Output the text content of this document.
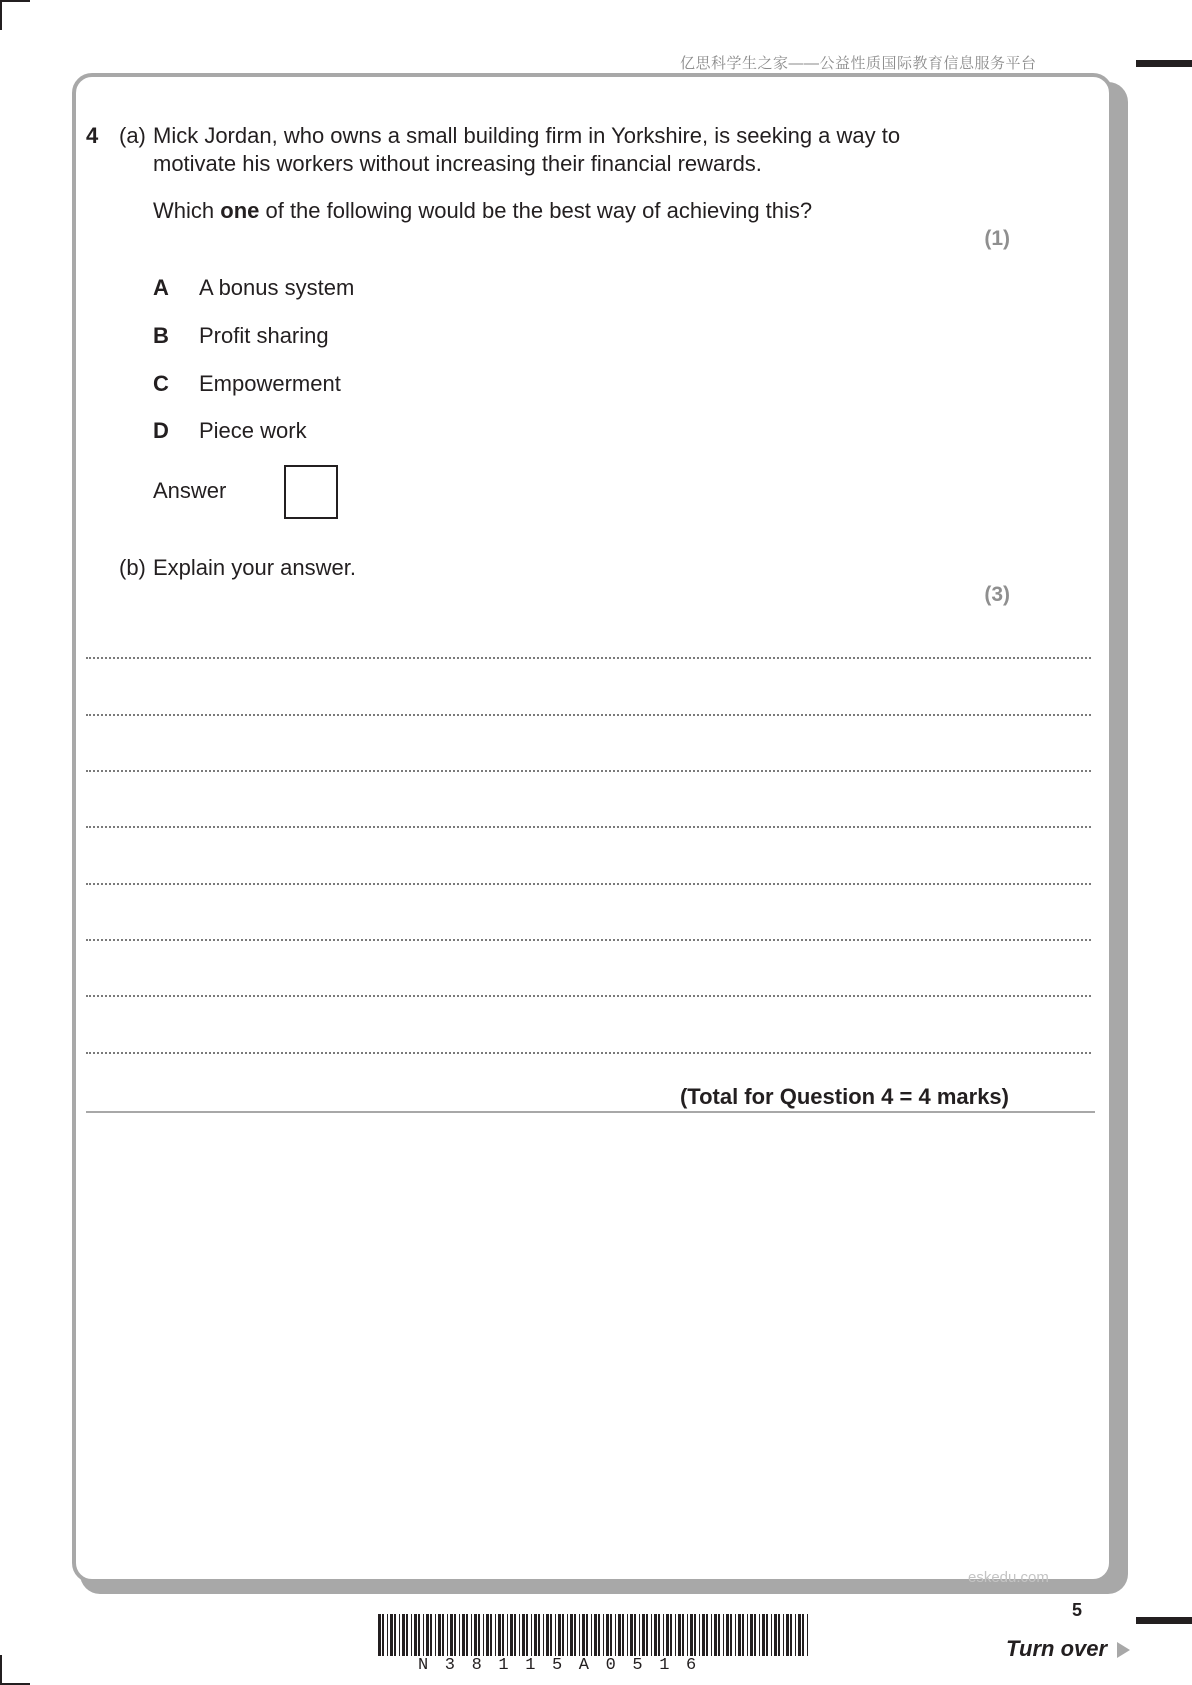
亿思科学生之家——公益性质国际教育信息服务平台
4 (a) Mick Jordan, who owns a small building firm in Yorkshire, is seeking a way to
motivate his workers without increasing their financial rewards.
Which one of the following would be the best way of achieving this?
(1)
A A bonus system
B Profit sharing
C Empowerment
D Piece work
Answer
(b) Explain your answer.
(3)
(Total for Question 4 = 4 marks)
eskedu.com
5
Turn over
N38115A0516
